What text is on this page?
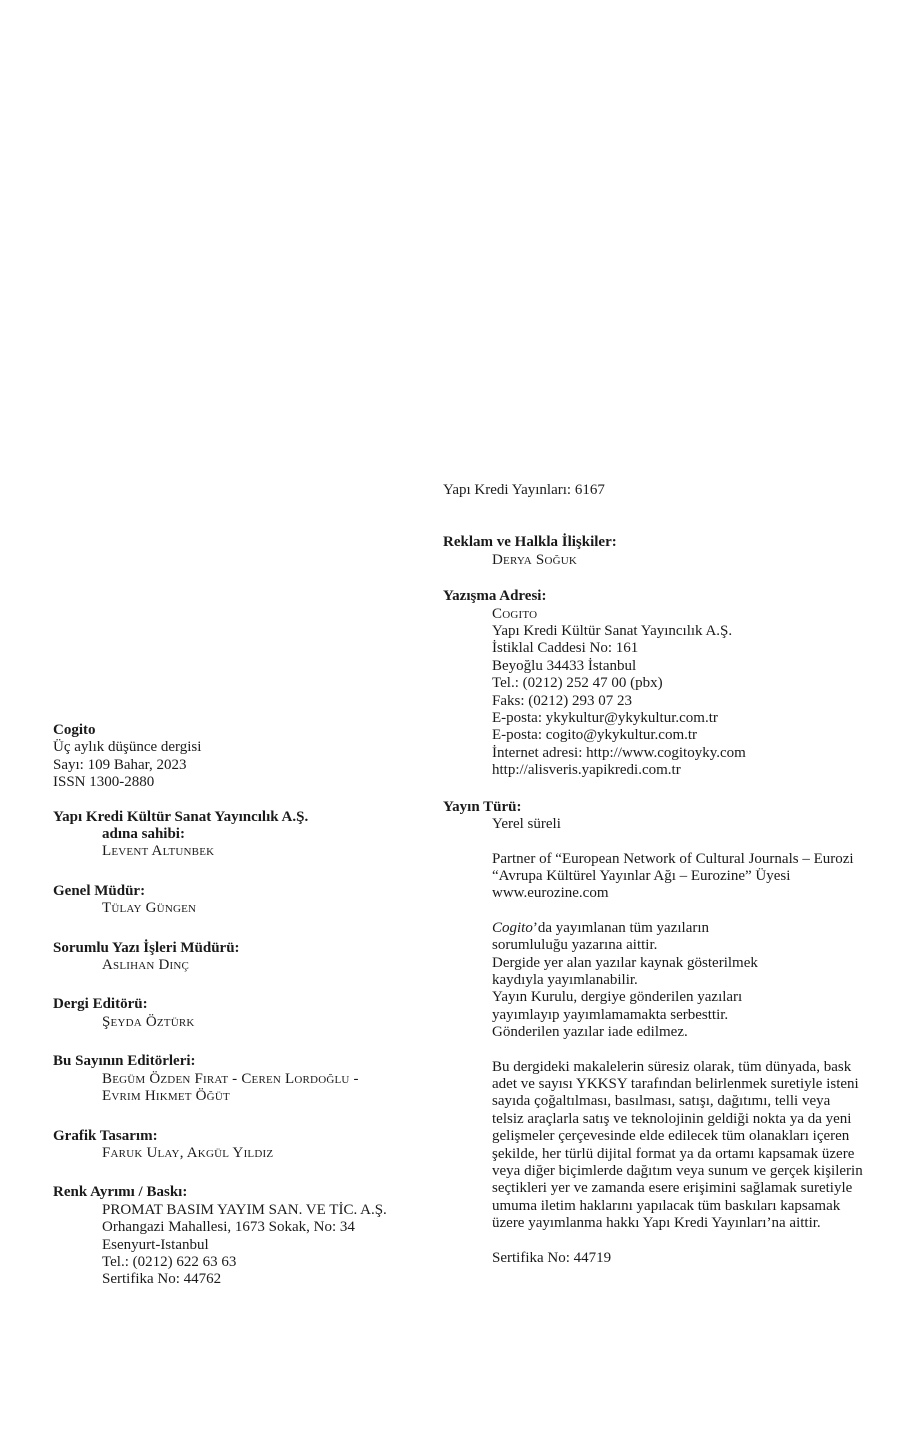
Cogito
Üç aylık düşünce dergisi
Sayı: 109 Bahar, 2023
ISSN 1300-2880
Yapı Kredi Kültür Sanat Yayıncılık A.Ş.
adına sahibi:
Levent Altunbek
Genel Müdür:
Tülay Güngen
Sorumlu Yazı İşleri Müdürü:
Aslıhan Dinç
Dergi Editörü:
Şeyda Öztürk
Bu Sayının Editörleri:
Begüm Özden Fırat - Ceren Lordoğlu -
Evrim Hikmet Öğüt
Grafik Tasarım:
Faruk Ulay, Akgül Yıldız
Renk Ayrımı / Baskı:
PROMAT BASIM YAYIM SAN. VE TİC. A.Ş.
Orhangazi Mahallesi, 1673 Sokak, No: 34
Esenyurt-Istanbul
Tel.: (0212) 622 63 63
Sertifika No: 44762
Yapı Kredi Yayınları: 6167
Reklam ve Halkla İlişkiler:
Derya Soğuk
Yazışma Adresi:
Cogito
Yapı Kredi Kültür Sanat Yayıncılık A.Ş.
İstiklal Caddesi No: 161
Beyoğlu 34433 İstanbul
Tel.: (0212) 252 47 00 (pbx)
Faks: (0212) 293 07 23
E-posta: ykykultur@ykykultur.com.tr
E-posta: cogito@ykykultur.com.tr
İnternet adresi: http://www.cogitoyky.com
http://alisveris.yapikredi.com.tr
Yayın Türü:
Yerel süreli
Partner of “European Network of Cultural Journals – Eurozi
“Avrupa Kültürel Yayınlar Ağı – Eurozine” Üyesi
www.eurozine.com
Cogito’da yayımlanan tüm yazıların
sorumluluğu yazarına aittir.
Dergide yer alan yazılar kaynak gösterilmek
kaydıyla yayımlanabilir.
Yayın Kurulu, dergiye gönderilen yazıları
yayımlayıp yayımlamamakta serbesttir.
Gönderilen yazılar iade edilmez.
Bu dergideki makalelerin süresiz olarak, tüm dünyada, bask
adet ve sayısı YKKSY tarafından belirlenmek suretiyle isteni
sayıda çoğaltılması, basılması, satışı, dağıtımı, telli veya
telsiz araçlarla satış ve teknolojinin geldiği nokta ya da yeni
gelişmeler çerçevesinde elde edilecek tüm olanakları içeren
şekilde, her türlü dijital format ya da ortamı kapsamak üzere
veya diğer biçimlerde dağıtım veya sunum ve gerçek kişilerin
seçtikleri yer ve zamanda esere erişimini sağlamak suretiyle
umuma iletim haklarını yapılacak tüm baskıları kapsamak
üzere yayımlanma hakkı Yapı Kredi Yayınları’na aittir.
Sertifika No: 44719
